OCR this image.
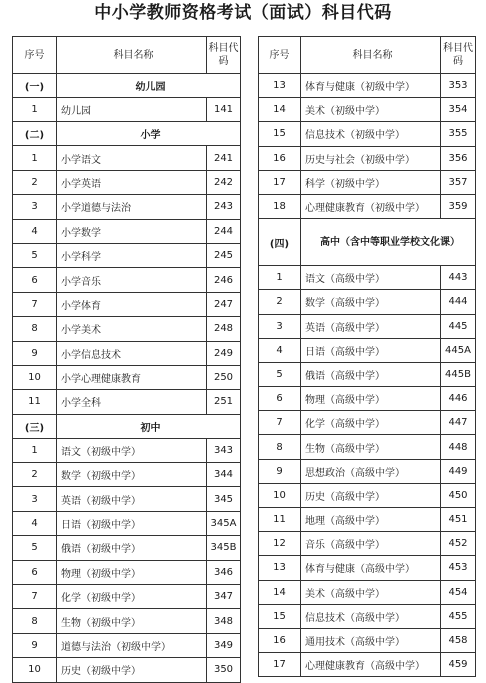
中小学教师资格考试（面试）科目代码
序号	科目名称	科目代码
(一)	幼儿园	
1	幼儿园	141
(二)	小学	
1	小学语文	241
2	小学英语	242
3	小学道德与法治	243
4	小学数学	244
5	小学科学	245
6	小学音乐	246
7	小学体育	247
8	小学美术	248
9	小学信息技术	249
10	小学心理健康教育	250
11	小学全科	251
(三)	初中	
1	语文（初级中学）	343
2	数学（初级中学）	344
3	英语（初级中学）	345
4	日语（初级中学）	345A
5	俄语（初级中学）	345B
6	物理（初级中学）	346
7	化学（初级中学）	347
8	生物（初级中学）	348
9	道德与法治（初级中学）	349
10	历史（初级中学）	350
序号	科目名称	科目代码
13	体育与健康（初级中学）	353
14	美术（初级中学）	354
15	信息技术（初级中学）	355
16	历史与社会（初级中学）	356
17	科学（初级中学）	357
18	心理健康教育（初级中学）	359
(四)	高中（含中等职业学校文化课）	
1	语文（高级中学）	443
2	数学（高级中学）	444
3	英语（高级中学）	445
4	日语（高级中学）	445A
5	俄语（高级中学）	445B
6	物理（高级中学）	446
7	化学（高级中学）	447
8	生物（高级中学）	448
9	思想政治（高级中学）	449
10	历史（高级中学）	450
11	地理（高级中学）	451
12	音乐（高级中学）	452
13	体育与健康（高级中学）	453
14	美术（高级中学）	454
15	信息技术（高级中学）	455
16	通用技术（高级中学）	458
17	心理健康教育（高级中学）	459
